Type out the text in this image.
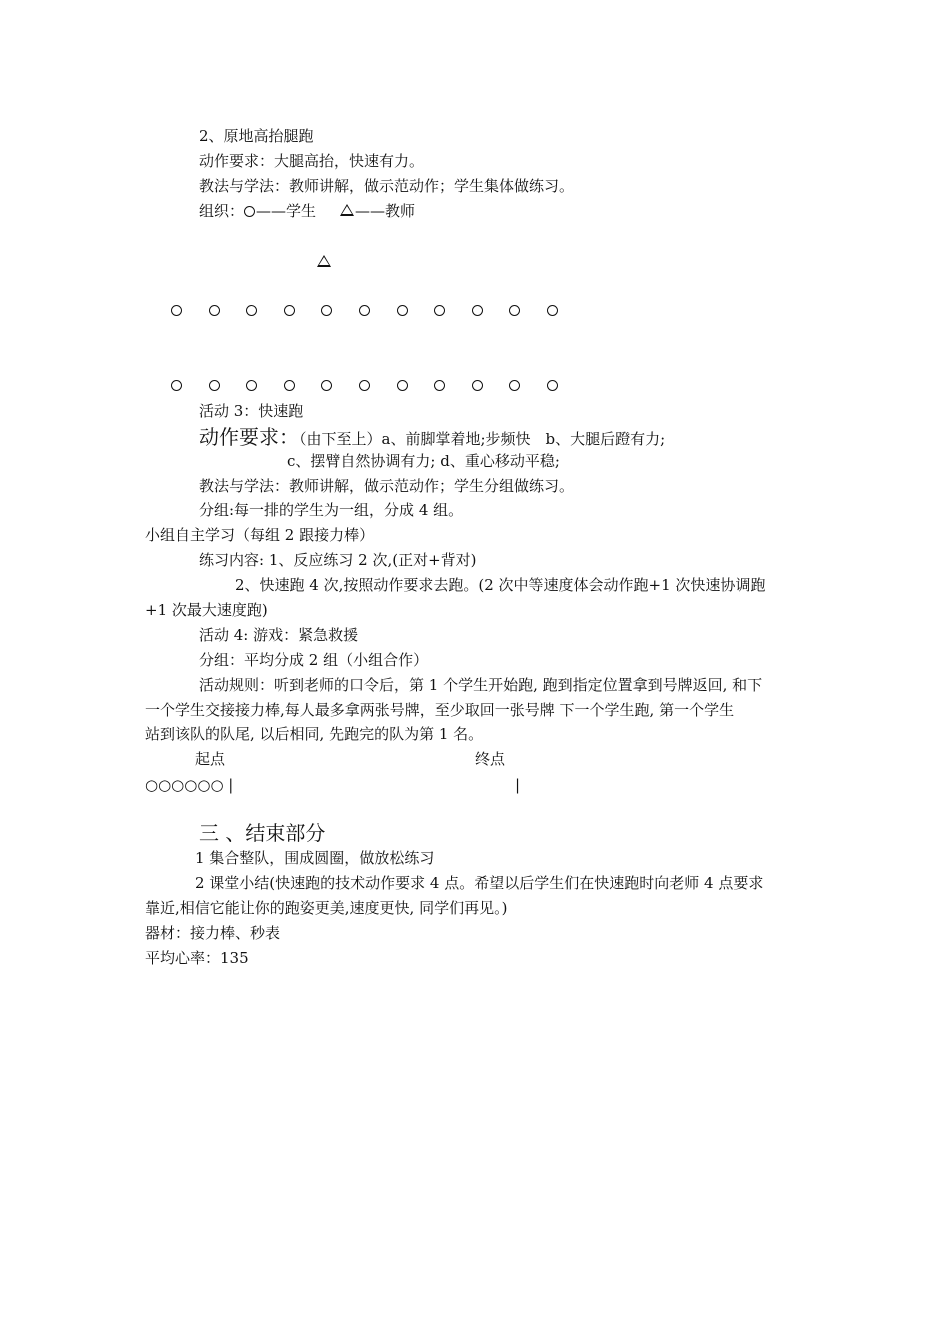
2、原地高抬腿跑
动作要求：大腿高抬，快速有力。
教法与学法：教师讲解，做示范动作；学生集体做练习。
组织： ——学生	——教师
活动 3：快速跑
动作要求：（由下至上）a、前脚掌着地;步频快　b、大腿后蹬有力;
c、摆臂自然协调有力; d、重心移动平稳;
教法与学法：教师讲解，做示范动作；学生分组做练习。
分组:每一排的学生为一组，分成 4 组。
小组自主学习（每组 2 跟接力棒）
练习内容: 1、反应练习 2 次,(正对+背对)
2、快速跑 4 次,按照动作要求去跑。(2 次中等速度体会动作跑+1 次快速协调跑
+1 次最大速度跑)
活动 4: 游戏：紧急救援
分组：平均分成 2 组（小组合作）
活动规则：听到老师的口令后，第 1 个学生开始跑, 跑到指定位置拿到号牌返回, 和下
一个学生交接接力棒,每人最多拿两张号牌，至少取回一张号牌 下一个学生跑, 第一个学生
站到该队的队尾, 以后相同, 先跑完的队为第 1 名。
起点	终点
○○○○○○ |	|
三 、结束部分
1 集合整队，围成圆圈，做放松练习
2 课堂小结(快速跑的技术动作要求 4 点。希望以后学生们在快速跑时向老师 4 点要求
靠近,相信它能让你的跑姿更美,速度更快, 同学们再见。)
器材：接力棒、秒表
平均心率：135
